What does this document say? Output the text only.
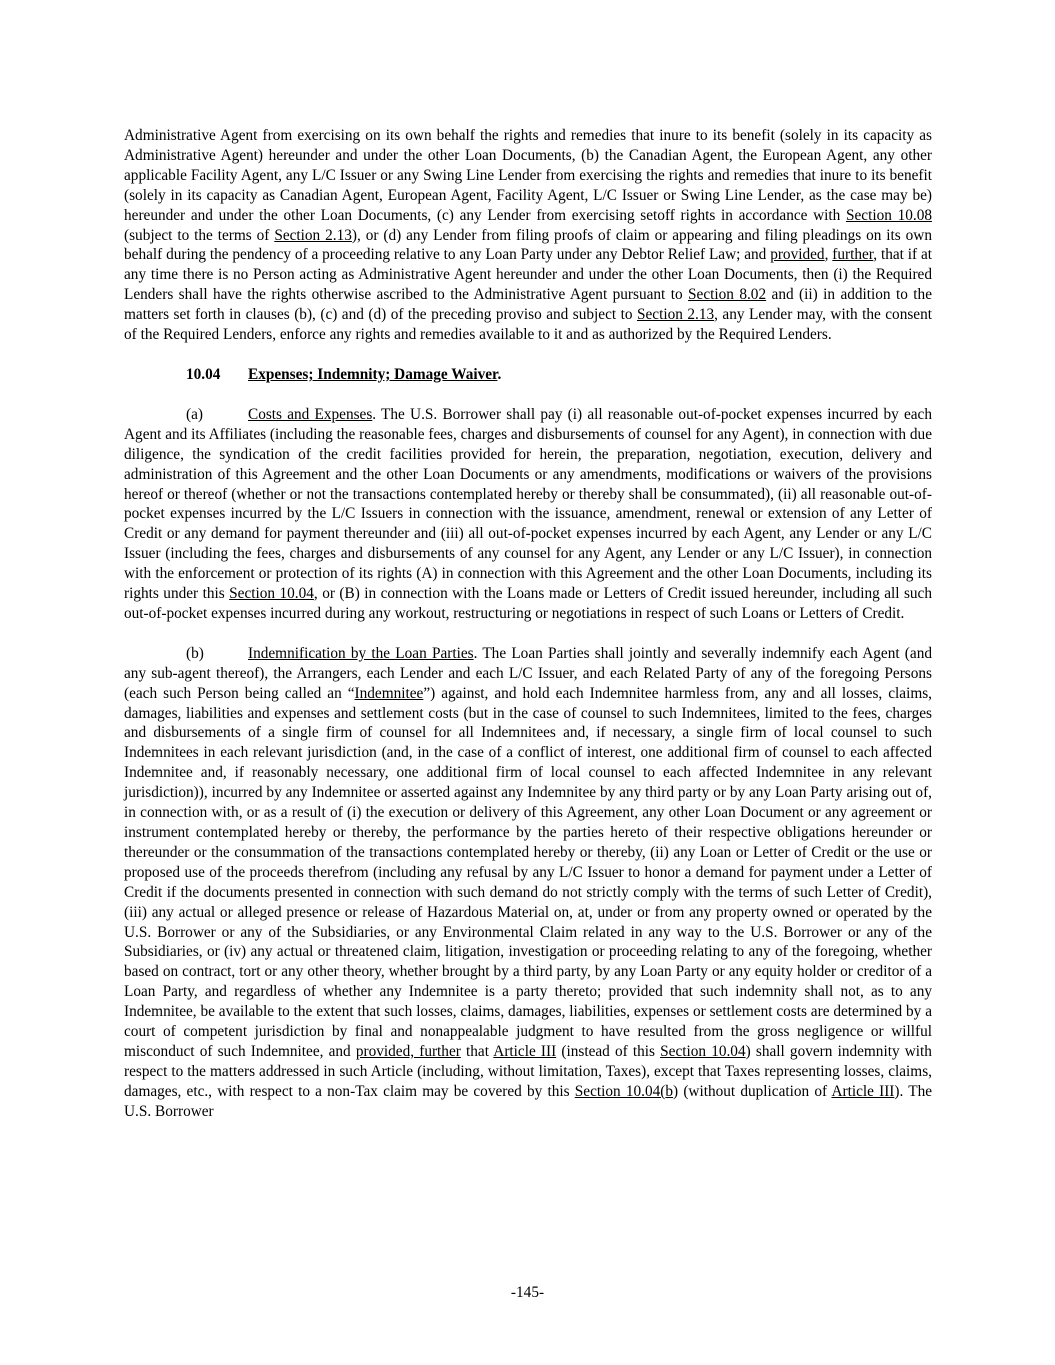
Administrative Agent from exercising on its own behalf the rights and remedies that inure to its benefit (solely in its capacity as Administrative Agent) hereunder and under the other Loan Documents, (b) the Canadian Agent, the European Agent, any other applicable Facility Agent, any L/C Issuer or any Swing Line Lender from exercising the rights and remedies that inure to its benefit (solely in its capacity as Canadian Agent, European Agent, Facility Agent, L/C Issuer or Swing Line Lender, as the case may be) hereunder and under the other Loan Documents, (c) any Lender from exercising setoff rights in accordance with Section 10.08 (subject to the terms of Section 2.13), or (d) any Lender from filing proofs of claim or appearing and filing pleadings on its own behalf during the pendency of a proceeding relative to any Loan Party under any Debtor Relief Law; and provided, further, that if at any time there is no Person acting as Administrative Agent hereunder and under the other Loan Documents, then (i) the Required Lenders shall have the rights otherwise ascribed to the Administrative Agent pursuant to Section 8.02 and (ii) in addition to the matters set forth in clauses (b), (c) and (d) of the preceding proviso and subject to Section 2.13, any Lender may, with the consent of the Required Lenders, enforce any rights and remedies available to it and as authorized by the Required Lenders.

10.04 Expenses; Indemnity; Damage Waiver.

(a)	Costs and Expenses. The U.S. Borrower shall pay (i) all reasonable out-of-pocket expenses incurred by each Agent and its Affiliates (including the reasonable fees, charges and disbursements of counsel for any Agent), in connection with due diligence, the syndication of the credit facilities provided for herein, the preparation, negotiation, execution, delivery and administration of this Agreement and the other Loan Documents or any amendments, modifications or waivers of the provisions hereof or thereof (whether or not the transactions contemplated hereby or thereby shall be consummated), (ii) all reasonable out-of-pocket expenses incurred by the L/C Issuers in connection with the issuance, amendment, renewal or extension of any Letter of Credit or any demand for payment thereunder and (iii) all out-of-pocket expenses incurred by each Agent, any Lender or any L/C Issuer (including the fees, charges and disbursements of any counsel for any Agent, any Lender or any L/C Issuer), in connection with the enforcement or protection of its rights (A) in connection with this Agreement and the other Loan Documents, including its rights under this Section 10.04, or (B) in connection with the Loans made or Letters of Credit issued hereunder, including all such out-of-pocket expenses incurred during any workout, restructuring or negotiations in respect of such Loans or Letters of Credit.

(b)	Indemnification by the Loan Parties. The Loan Parties shall jointly and severally indemnify each Agent (and any sub-agent thereof), the Arrangers, each Lender and each L/C Issuer, and each Related Party of any of the foregoing Persons (each such Person being called an “Indemnitee”) against, and hold each Indemnitee harmless from, any and all losses, claims, damages, liabilities and expenses and settlement costs (but in the case of counsel to such Indemnitees, limited to the fees, charges and disbursements of a single firm of counsel for all Indemnitees and, if necessary, a single firm of local counsel to such Indemnitees in each relevant jurisdiction (and, in the case of a conflict of interest, one additional firm of counsel to each affected Indemnitee and, if reasonably necessary, one additional firm of local counsel to each affected Indemnitee in any relevant jurisdiction)), incurred by any Indemnitee or asserted against any Indemnitee by any third party or by any Loan Party arising out of, in connection with, or as a result of (i) the execution or delivery of this Agreement, any other Loan Document or any agreement or instrument contemplated hereby or thereby, the performance by the parties hereto of their respective obligations hereunder or thereunder or the consummation of the transactions contemplated hereby or thereby, (ii) any Loan or Letter of Credit or the use or proposed use of the proceeds therefrom (including any refusal by any L/C Issuer to honor a demand for payment under a Letter of Credit if the documents presented in connection with such demand do not strictly comply with the terms of such Letter of Credit), (iii) any actual or alleged presence or release of Hazardous Material on, at, under or from any property owned or operated by the U.S. Borrower or any of the Subsidiaries, or any Environmental Claim related in any way to the U.S. Borrower or any of the Subsidiaries, or (iv) any actual or threatened claim, litigation, investigation or proceeding relating to any of the foregoing, whether based on contract, tort or any other theory, whether brought by a third party, by any Loan Party or any equity holder or creditor of a Loan Party, and regardless of whether any Indemnitee is a party thereto; provided that such indemnity shall not, as to any Indemnitee, be available to the extent that such losses, claims, damages, liabilities, expenses or settlement costs are determined by a court of competent jurisdiction by final and nonappealable judgment to have resulted from the gross negligence or willful misconduct of such Indemnitee, and provided, further that Article III (instead of this Section 10.04) shall govern indemnity with respect to the matters addressed in such Article (including, without limitation, Taxes), except that Taxes representing losses, claims, damages, etc., with respect to a non-Tax claim may be covered by this Section 10.04(b) (without duplication of Article III). The U.S. Borrower

-145-
